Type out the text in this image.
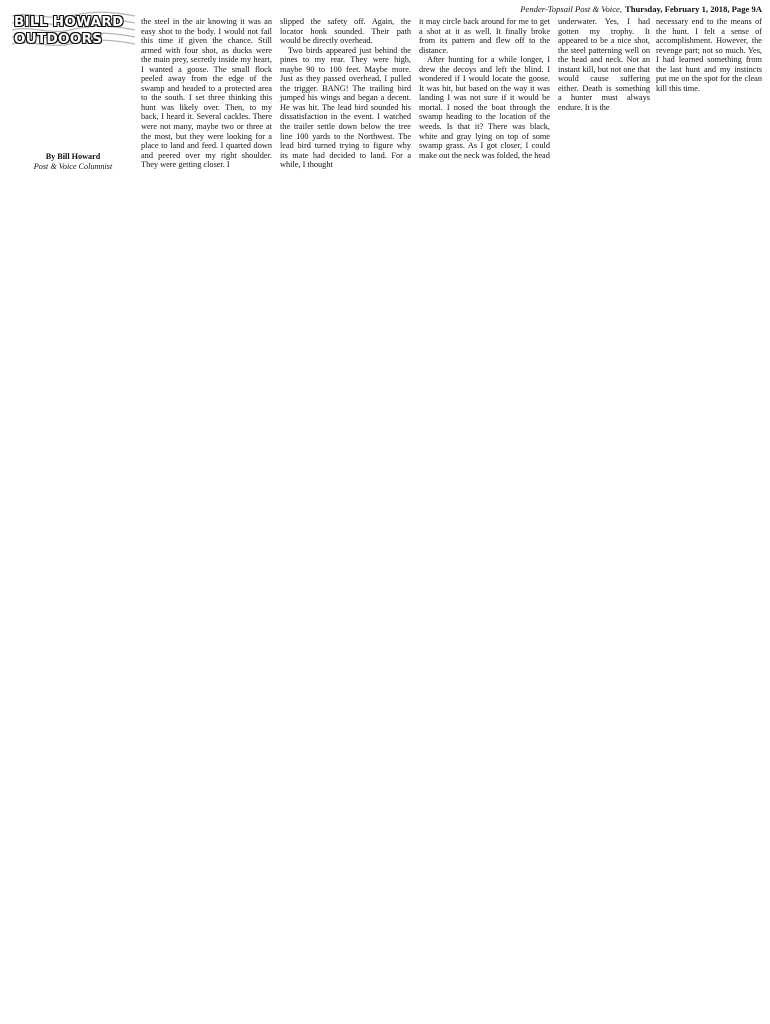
Pender-Topsail Post & Voice, Thursday, February 1, 2018, Page 9A
BILL HOWARD
OUTDOORS
By Bill Howard
Post & Voice Columnist

the steel in the air knowing it was an easy shot to the body. I would not fail this time if given the chance. Still armed with four shot, as ducks were the main prey, secretly inside my heart, I wanted a goose. The small flock peeled away from the edge of the swamp and headed to a protected area to the south. I set three thinking this hunt was likely over. Then, to my back, I heard it. Several cackles. There were not many, maybe two or three at the most, but they were looking for a place to land and feed. I quarted down and peered over my right shoulder. They were getting closer. I

slipped the safety off. Again, the locator honk sounded. Their path would be directly overhead.

Two birds appeared just behind the pines to my rear. They were high, maybe 90 to 100 feet. Maybe more. Just as they passed overhead, I pulled the trigger. BANG! The trailing bird jumped his wings and began a decent. He was hit. The lead bird sounded his dissatisfaction in the event. I watched the trailer settle down below the tree line 100 yards to the Northwest. The lead bird turned trying to figure why its mate had decided to land. For a while, I thought

it may circle back around for me to get a shot at it as well. It finally broke from its pattern and flew off to the distance.

After hunting for a while longer, I drew the decoys and left the blind. I wondered if I would locate the goose. It was hit, but based on the way it was landing I was not sure if it would be mortal. I nosed the boat through the swamp heading to the location of the weeds. Is that it? There was black, white and gray lying on top of some swamp grass. As I got closer, I could make out the neck was folded, the head

underwater. Yes, I had gotten my trophy. It appeared to be a nice shot, the steel patterning well on the head and neck. Not an instant kill, but not one that would cause suffering either. Death is something a hunter must always endure. It is the

necessary end to the means of the hunt. I felt a sense of accomplishment. However, the revenge part; not so much. Yes, I had learned something from the last hunt and my instincts put me on the spot for the clean kill this time.
